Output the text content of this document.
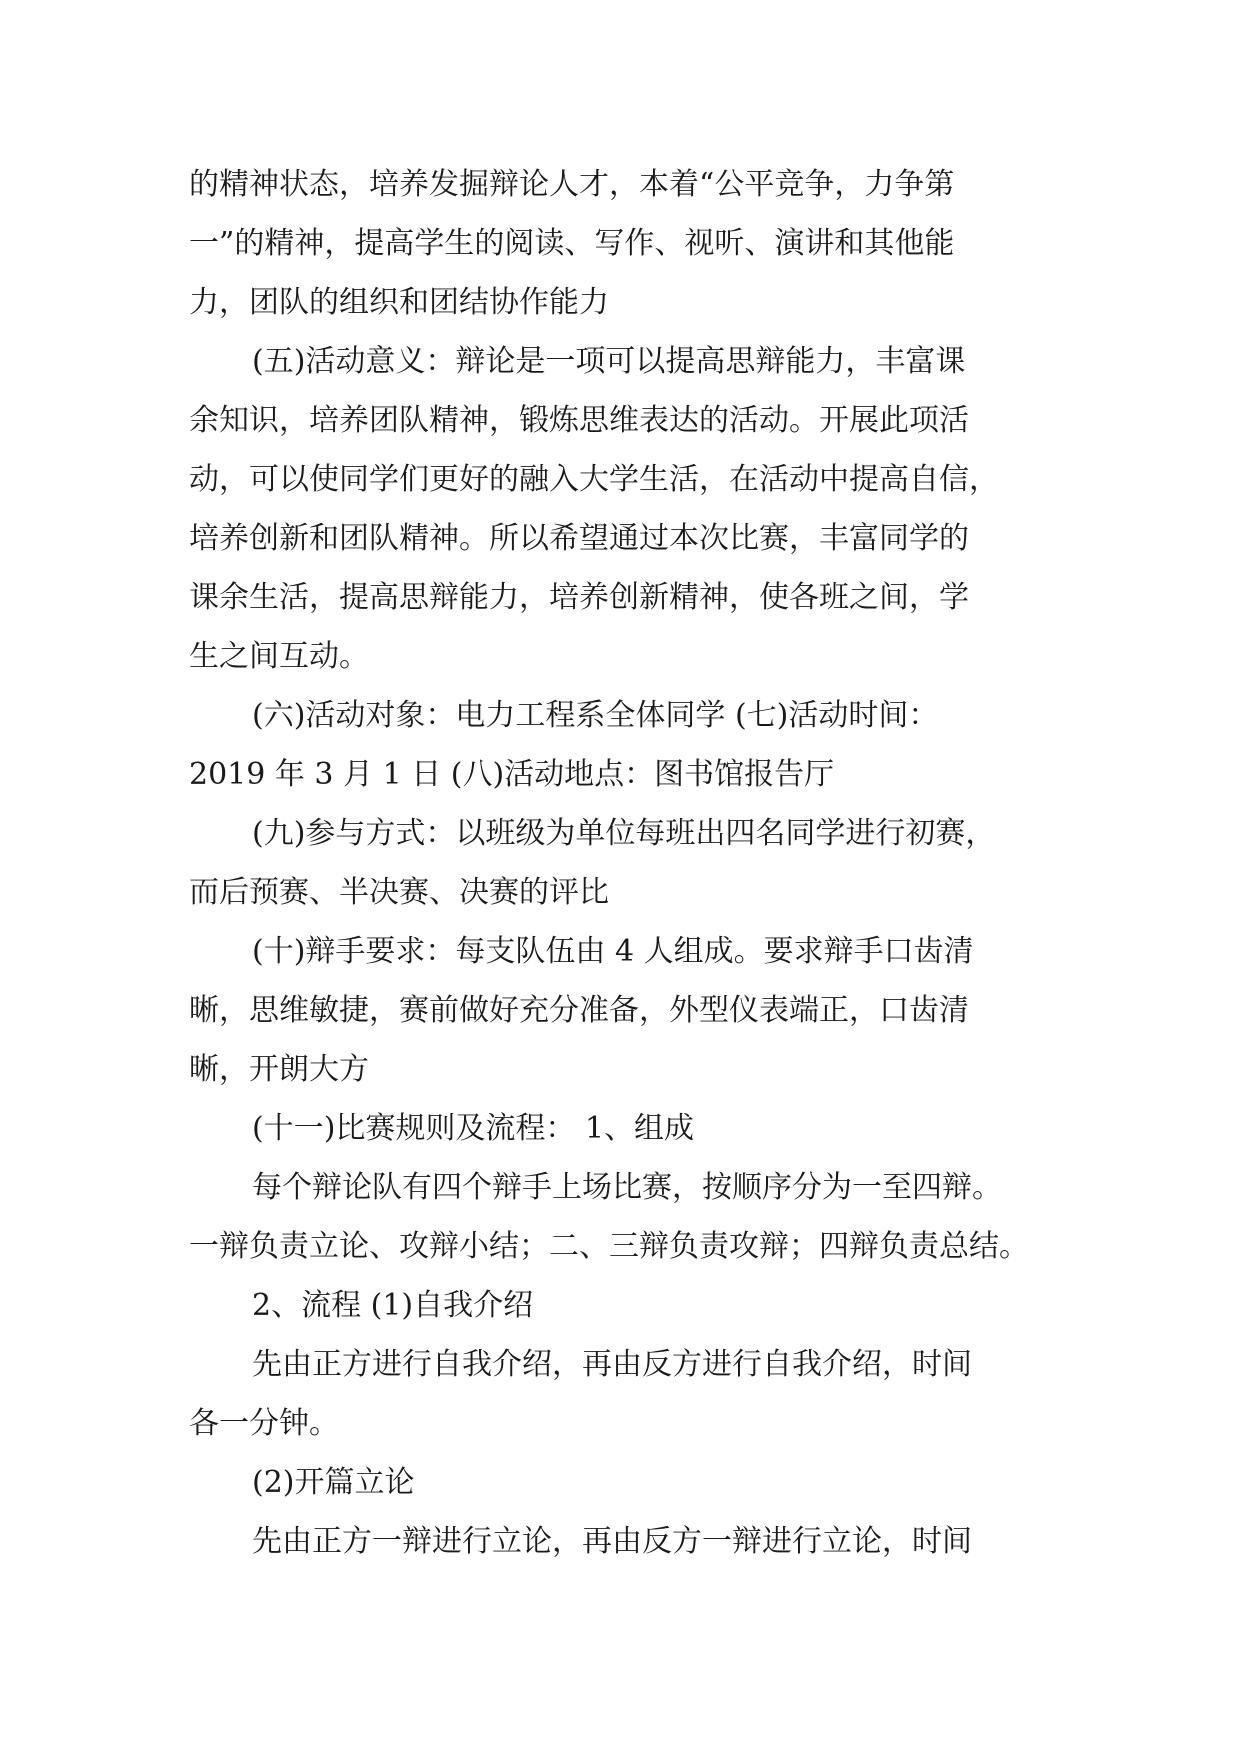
的精神状态，培养发掘辩论人才，本着“公平竞争，力争第
一”的精神，提高学生的阅读、写作、视听、演讲和其他能
力，团队的组织和团结协作能力
(五)活动意义：辩论是一项可以提高思辩能力，丰富课
余知识，培养团队精神，锻炼思维表达的活动。开展此项活
动，可以使同学们更好的融入大学生活，在活动中提高自信，
培养创新和团队精神。所以希望通过本次比赛，丰富同学的
课余生活，提高思辩能力，培养创新精神，使各班之间，学
生之间互动。
(六)活动对象：电力工程系全体同学 (七)活动时间：
2019 年 3 月 1 日 (八)活动地点：图书馆报告厅
(九)参与方式：以班级为单位每班出四名同学进行初赛，
而后预赛、半决赛、决赛的评比
(十)辩手要求：每支队伍由 4 人组成。要求辩手口齿清
晰，思维敏捷，赛前做好充分准备，外型仪表端正，口齿清
晰，开朗大方
(十一)比赛规则及流程： 1、组成
每个辩论队有四个辩手上场比赛，按顺序分为一至四辩。
一辩负责立论、攻辩小结；二、三辩负责攻辩；四辩负责总结。
2、流程 (1)自我介绍
先由正方进行自我介绍，再由反方进行自我介绍，时间
各一分钟。
(2)开篇立论
先由正方一辩进行立论，再由反方一辩进行立论，时间
